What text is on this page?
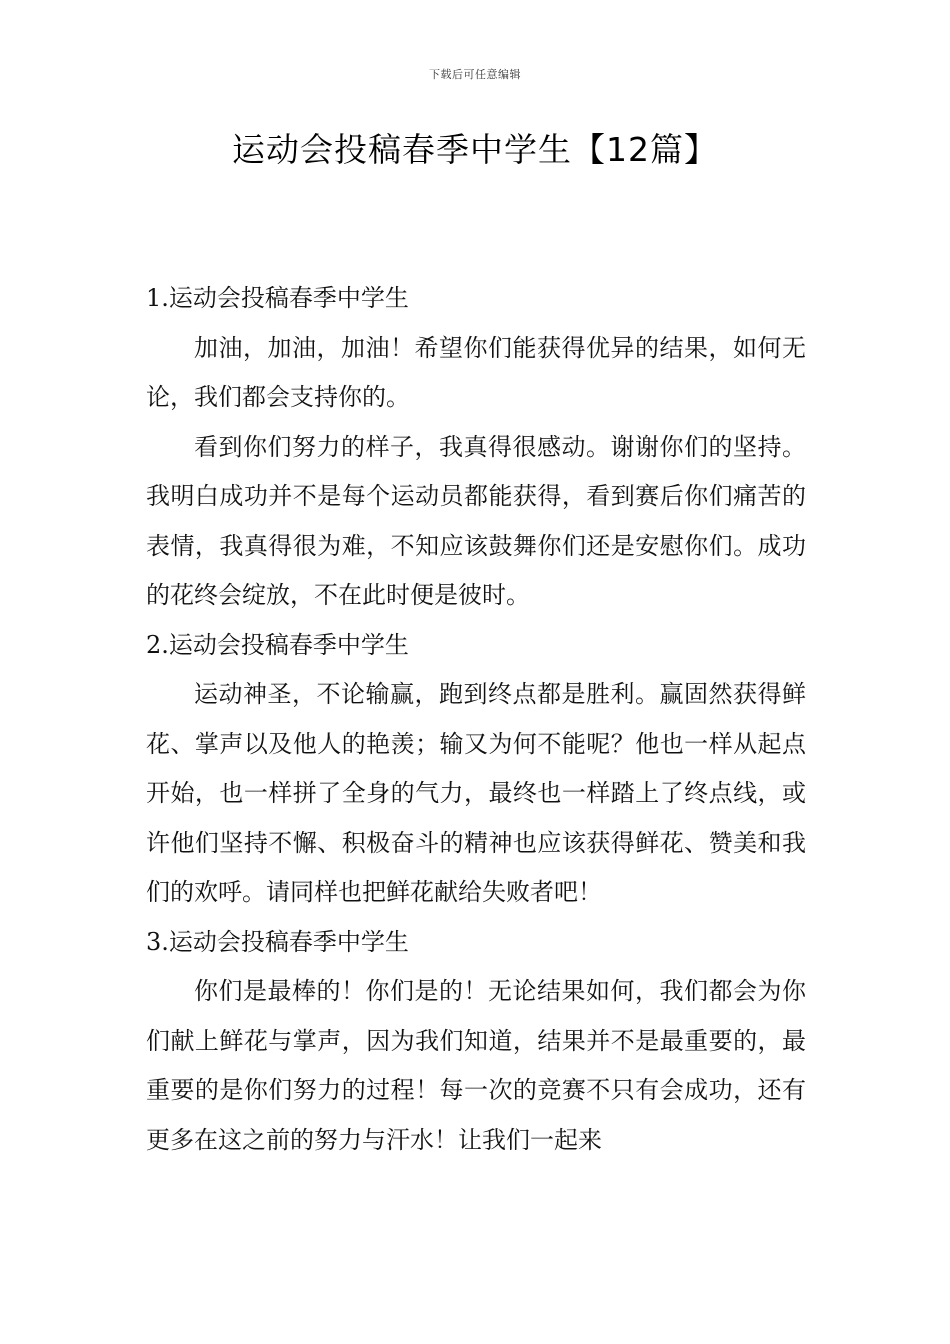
下载后可任意编辑
运动会投稿春季中学生【12篇】
1.运动会投稿春季中学生

加油，加油，加油！希望你们能获得优异的结果，如何无论，我们都会支持你的。

看到你们努力的样子，我真得很感动。谢谢你们的坚持。我明白成功并不是每个运动员都能获得，看到赛后你们痛苦的表情，我真得很为难，不知应该鼓舞你们还是安慰你们。成功的花终会绽放，不在此时便是彼时。

2.运动会投稿春季中学生

运动神圣，不论输赢，跑到终点都是胜利。赢固然获得鲜花、掌声以及他人的艳羡；输又为何不能呢？他也一样从起点开始，也一样拼了全身的气力，最终也一样踏上了终点线，或许他们坚持不懈、积极奋斗的精神也应该获得鲜花、赞美和我们的欢呼。请同样也把鲜花献给失败者吧！

3.运动会投稿春季中学生

你们是最棒的！你们是的！无论结果如何，我们都会为你们献上鲜花与掌声，因为我们知道，结果并不是最重要的，最重要的是你们努力的过程！每一次的竞赛不只有会成功，还有更多在这之前的努力与汗水！让我们一起来
